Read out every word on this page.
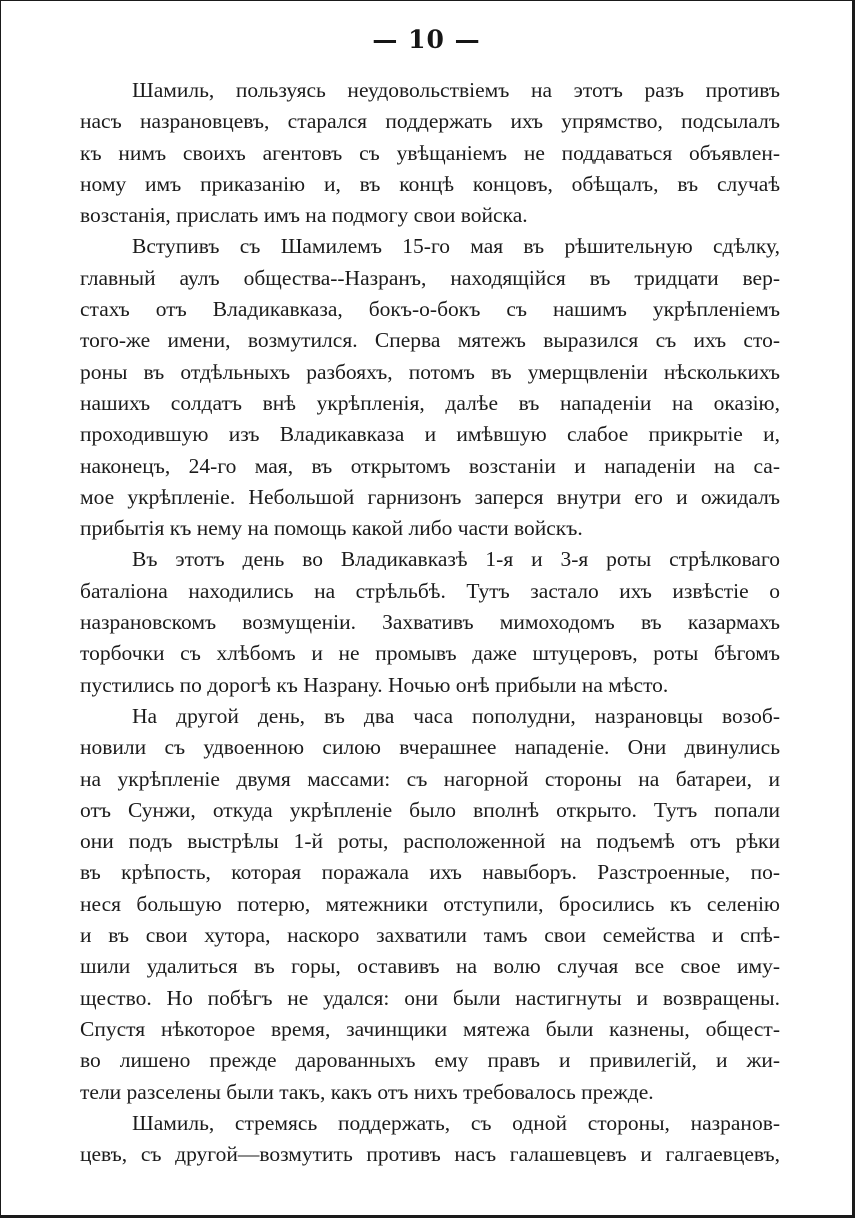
— 10 —
Шамиль, пользуясь неудовольствіемъ на этотъ разъ противъ
насъ назрановцевъ, старался поддержать ихъ упрямство, подсылалъ
къ нимъ своихъ агентовъ съ увѣщаніемъ не поддаваться объявлен-
ному имъ приказанію и, въ концѣ концовъ, обѣщалъ, въ случаѣ
возстанія, прислать имъ на подмогу свои войска.
Вступивъ съ Шамилемъ 15-го мая въ рѣшительную сдѣлку,
главный аулъ общества--Назранъ, находящійся въ тридцати вер-
стахъ отъ Владикавказа, бокъ-о-бокъ съ нашимъ укрѣпленіемъ
того-же имени, возмутился. Сперва мятежъ выразился съ ихъ сто-
роны въ отдѣльныхъ разбояхъ, потомъ въ умерщвленіи нѣсколькихъ
нашихъ солдатъ внѣ укрѣпленія, далѣе въ нападеніи на оказію,
проходившую изъ Владикавказа и имѣвшую слабое прикрытіе и,
наконецъ, 24-го мая, въ открытомъ возстаніи и нападеніи на са-
мое укрѣпленіе. Небольшой гарнизонъ заперся внутри его и ожидалъ
прибытія къ нему на помощь какой либо части войскъ.
Въ этотъ день во Владикавказѣ 1-я и 3-я роты стрѣлковаго
баталіона находились на стрѣльбѣ. Тутъ застало ихъ извѣстіе о
назрановскомъ возмущеніи. Захвативъ мимоходомъ въ казармахъ
торбочки съ хлѣбомъ и не промывъ даже штуцеровъ, роты бѣгомъ
пустились по дорогѣ къ Назрану. Ночью онѣ прибыли на мѣсто.
На другой день, въ два часа пополудни, назрановцы возоб-
новили съ удвоенною силою вчерашнее нападеніе. Они двинулись
на укрѣпленіе двумя массами: съ нагорной стороны на батареи, и
отъ Сунжи, откуда укрѣпленіе было вполнѣ открыто. Тутъ попали
они подъ выстрѣлы 1-й роты, расположенной на подъемѣ отъ рѣки
въ крѣпость, которая поражала ихъ навыборъ. Разстроенные, по-
неся большую потерю, мятежники отступили, бросились къ селенію
и въ свои хутора, наскоро захватили тамъ свои семейства и спѣ-
шили удалиться въ горы, оставивъ на волю случая все свое иму-
щество. Но побѣгъ не удался: они были настигнуты и возвращены.
Спустя нѣкоторое время, зачинщики мятежа были казнены, общест-
во лишено прежде дарованныхъ ему правъ и привилегій, и жи-
тели разселены были такъ, какъ отъ нихъ требовалось прежде.
Шамиль, стремясь поддержать, съ одной стороны, назранов-
цевъ, съ другой—возмутить противъ насъ галашевцевъ и галгаевцевъ,
